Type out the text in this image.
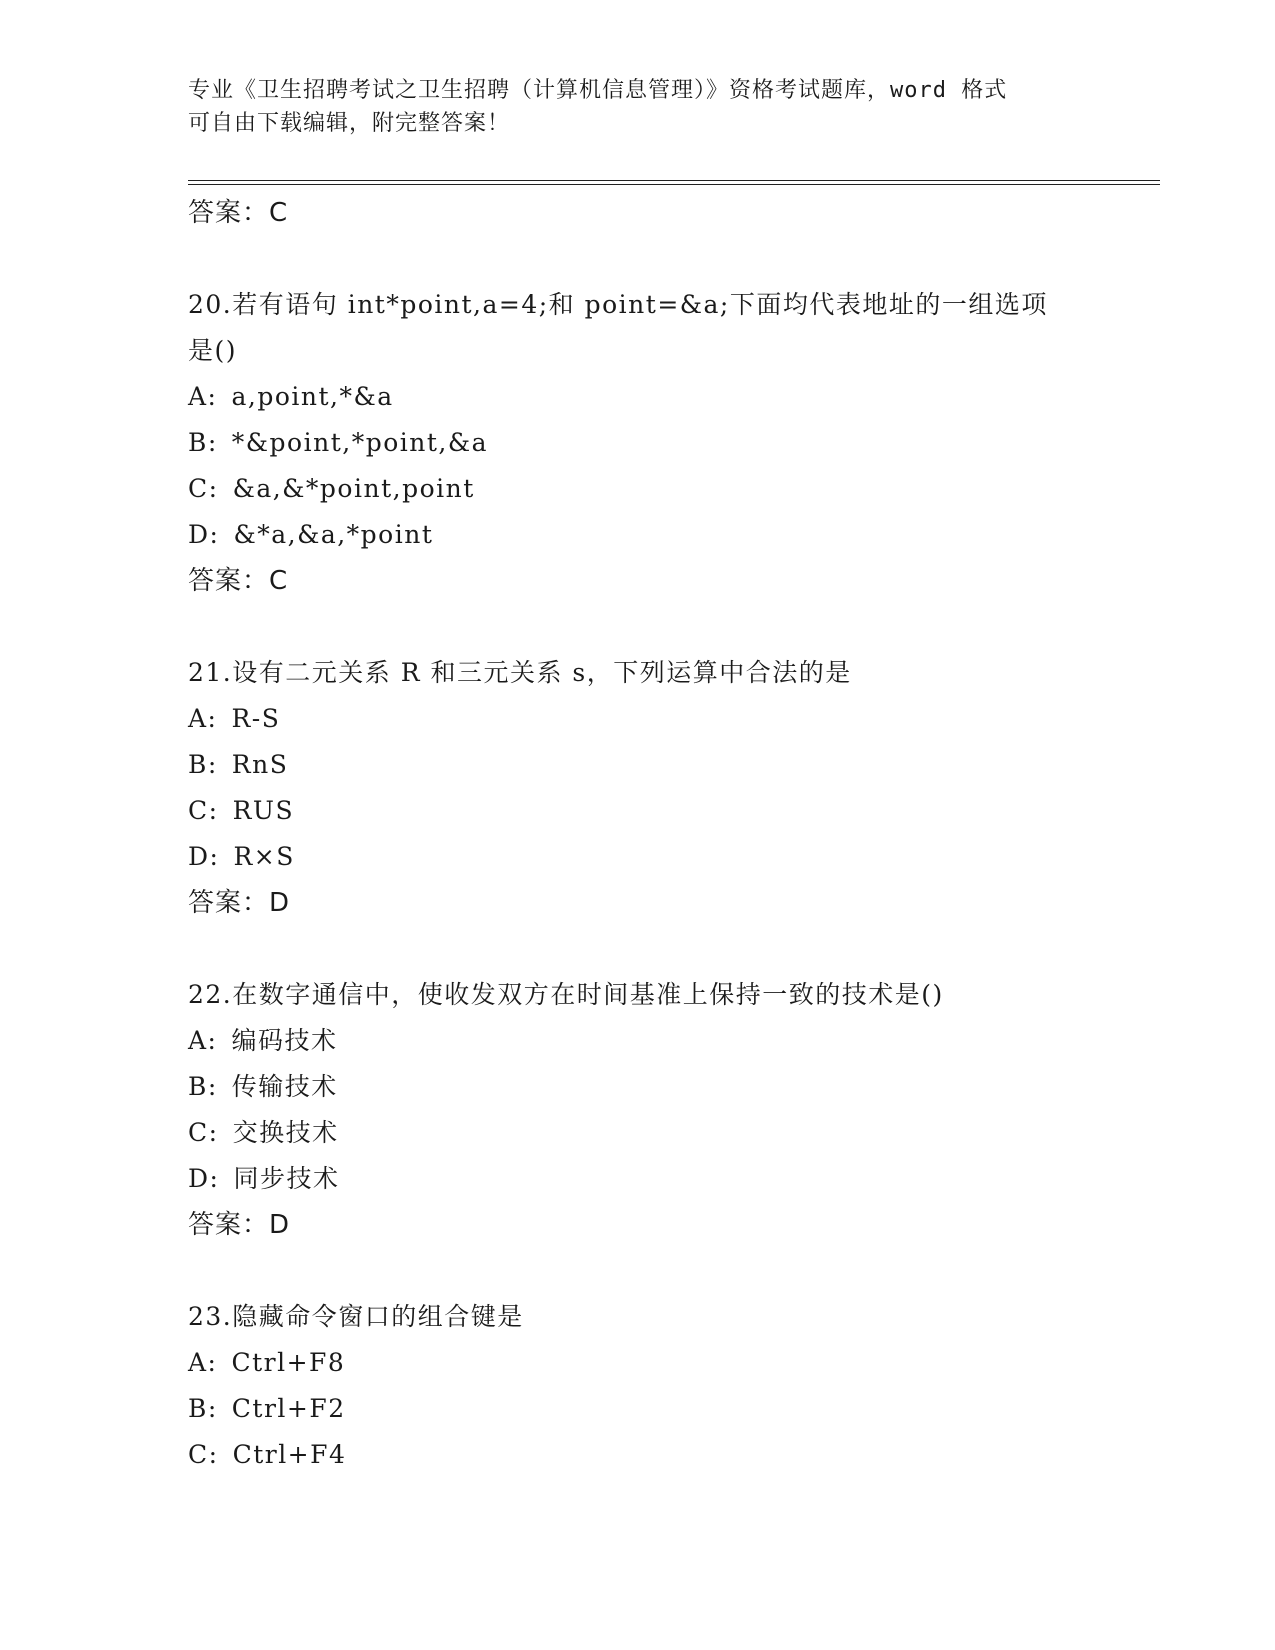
专业《卫生招聘考试之卫生招聘（计算机信息管理）》资格考试题库，word 格式
可自由下载编辑，附完整答案！
答案：C
20.若有语句 int*point,a=4;和 point=&a;下面均代表地址的一组选项
是()
A: a,point,*&a
B: *&point,*point,&a
C: &a,&*point,point
D: &*a,&a,*point
答案：C
21.设有二元关系 R 和三元关系 s，下列运算中合法的是
A: R-S
B: RnS
C: RUS
D: R×S
答案：D
22.在数字通信中，使收发双方在时间基准上保持一致的技术是()
A: 编码技术
B: 传输技术
C: 交换技术
D: 同步技术
答案：D
23.隐藏命令窗口的组合键是
A: Ctrl+F8
B: Ctrl+F2
C: Ctrl+F4
